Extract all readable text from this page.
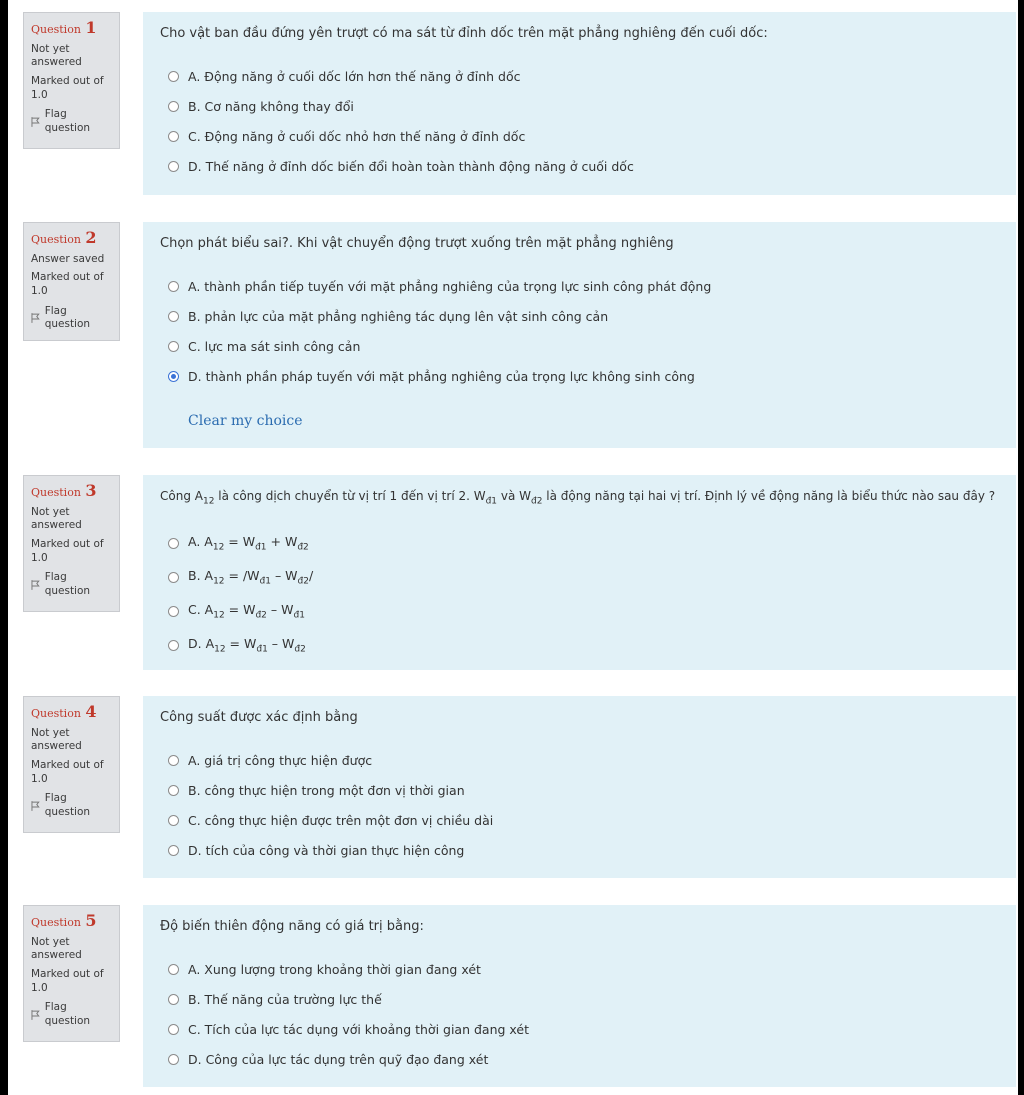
Question 1
Not yet answered
Marked out of 1.0
Flag question
Cho vật ban đầu đứng yên trượt có ma sát từ đỉnh dốc trên mặt phẳng nghiêng đến cuối dốc:
A. Động năng ở cuối dốc lớn hơn thế năng ở đỉnh dốc
B. Cơ năng không thay đổi
C. Động năng ở cuối dốc nhỏ hơn thế năng ở đỉnh dốc
D. Thế năng ở đỉnh dốc biến đổi hoàn toàn thành động năng ở cuối dốc
Question 2
Answer saved
Marked out of 1.0
Flag question
Chọn phát biểu sai?. Khi vật chuyển động trượt xuống trên mặt phẳng nghiêng
A. thành phần tiếp tuyến với mặt phẳng nghiêng của trọng lực sinh công phát động
B. phản lực của mặt phẳng nghiêng tác dụng lên vật sinh công cản
C. lực ma sát sinh công cản
D. thành phần pháp tuyến với mặt phẳng nghiêng của trọng lực không sinh công
Clear my choice
Question 3
Not yet answered
Marked out of 1.0
Flag question
Công $A_{12}$ là công dịch chuyển từ vị trí 1 đến vị trí 2. $W_{đ1}$ và $W_{đ2}$ là động năng tại hai vị trí. Định lý về động năng là biểu thức nào sau đây ?
A. $A_{12} = W_{đ1} + W_{đ2}$
B. $A_{12} = /W_{đ1} - W_{đ2}/$
C. $A_{12} = W_{đ2} - W_{đ1}$
D. $A_{12} = W_{đ1} - W_{đ2}$
Question 4
Not yet answered
Marked out of 1.0
Flag question
Công suất được xác định bằng
A. giá trị công thực hiện được
B. công thực hiện trong một đơn vị thời gian
C. công thực hiện được trên một đơn vị chiều dài
D. tích của công và thời gian thực hiện công
Question 5
Not yet answered
Marked out of 1.0
Flag question
Độ biến thiên động năng có giá trị bằng:
A. Xung lượng trong khoảng thời gian đang xét
B. Thế năng của trường lực thế
C. Tích của lực tác dụng với khoảng thời gian đang xét
D. Công của lực tác dụng trên quỹ đạo đang xét
